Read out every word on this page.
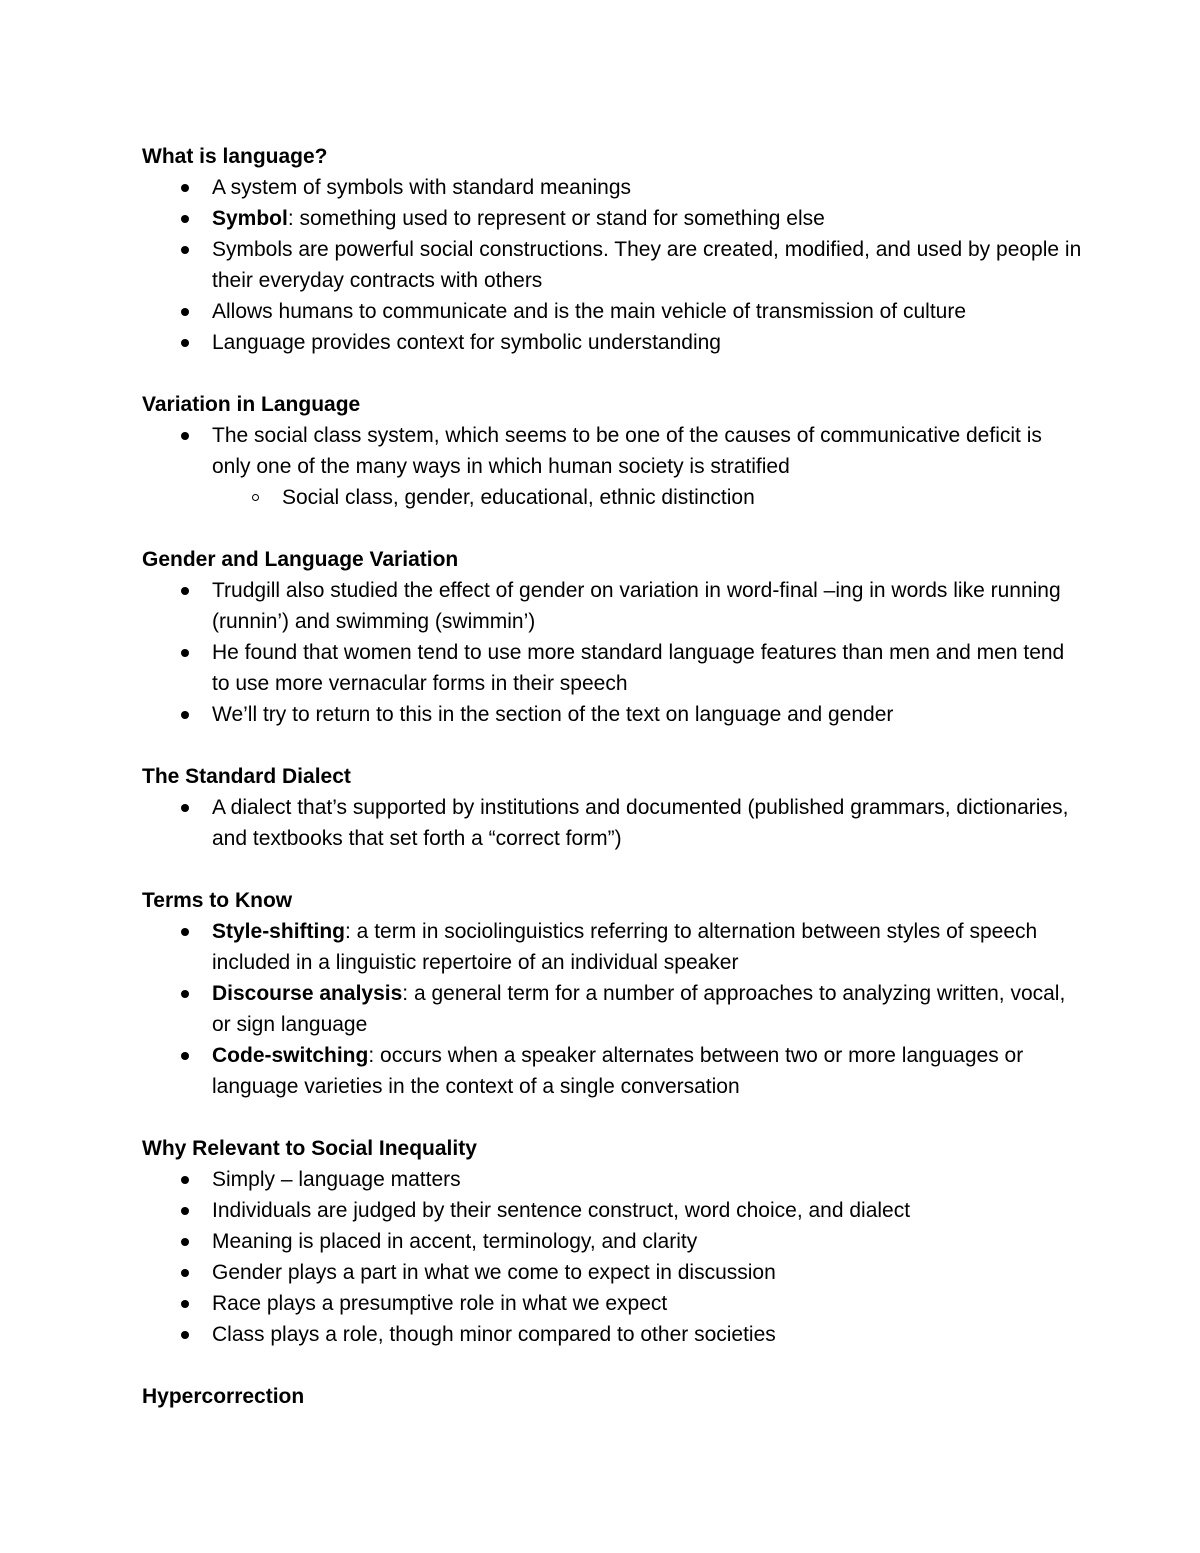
What is language?

A system of symbols with standard meanings
Symbol: something used to represent or stand for something else
Symbols are powerful social constructions. They are created, modified, and used by people in their everyday contracts with others
Allows humans to communicate and is the main vehicle of transmission of culture
Language provides context for symbolic understanding

Variation in Language

The social class system, which seems to be one of the causes of communicative deficit is only one of the many ways in which human society is stratified
Social class, gender, educational, ethnic distinction

Gender and Language Variation

Trudgill also studied the effect of gender on variation in word-final –ing in words like running (runnin’) and swimming (swimmin’)
He found that women tend to use more standard language features than men and men tend to use more vernacular forms in their speech
We’ll try to return to this in the section of the text on language and gender

The Standard Dialect

A dialect that’s supported by institutions and documented (published grammars, dictionaries, and textbooks that set forth a “correct form”)

Terms to Know

Style-shifting: a term in sociolinguistics referring to alternation between styles of speech included in a linguistic repertoire of an individual speaker
Discourse analysis: a general term for a number of approaches to analyzing written, vocal, or sign language
Code-switching: occurs when a speaker alternates between two or more languages or language varieties in the context of a single conversation

Why Relevant to Social Inequality

Simply – language matters
Individuals are judged by their sentence construct, word choice, and dialect
Meaning is placed in accent, terminology, and clarity
Gender plays a part in what we come to expect in discussion
Race plays a presumptive role in what we expect
Class plays a role, though minor compared to other societies

Hypercorrection
